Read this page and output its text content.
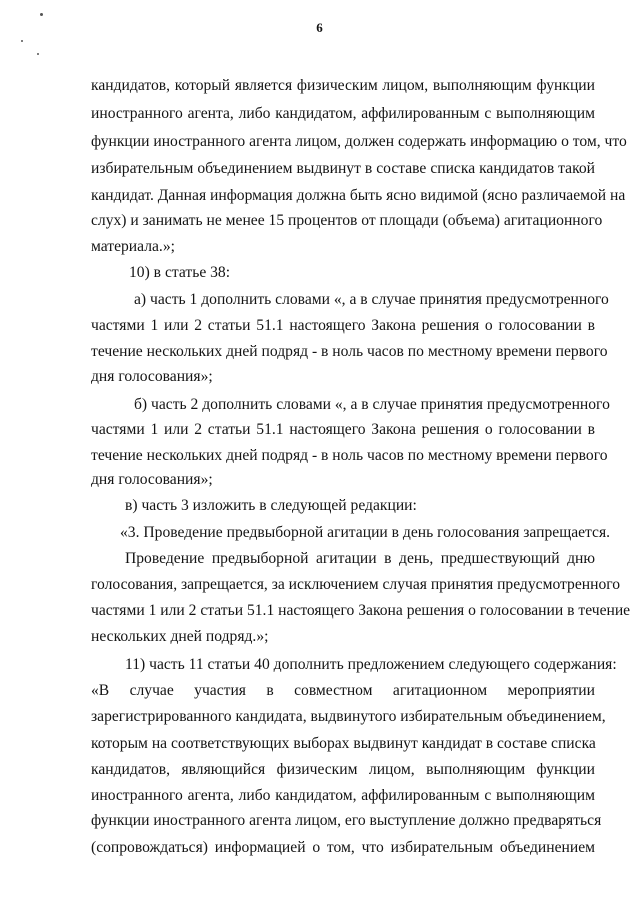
6
кандидатов, который является физическим лицом, выполняющим функции
иностранного агента, либо кандидатом, аффилированным с выполняющим
функции иностранного агента лицом, должен содержать информацию о том, что
избирательным объединением выдвинут в составе списка кандидатов такой
кандидат. Данная информация должна быть ясно видимой (ясно различаемой на
слух) и занимать не менее 15 процентов от площади (объема) агитационного
материала.»;
10) в статье 38:
а) часть 1 дополнить словами «, а в случае принятия предусмотренного
частями 1 или 2 статьи 51.1 настоящего Закона решения о голосовании в
течение нескольких дней подряд - в ноль часов по местному времени первого
дня голосования»;
б) часть 2 дополнить словами «, а в случае принятия предусмотренного
частями 1 или 2 статьи 51.1 настоящего Закона решения о голосовании в
течение нескольких дней подряд - в ноль часов по местному времени первого
дня голосования»;
в) часть 3 изложить в следующей редакции:
«3. Проведение предвыборной агитации в день голосования запрещается.
Проведение предвыборной агитации в день, предшествующий дню
голосования, запрещается, за исключением случая принятия предусмотренного
частями 1 или 2 статьи 51.1 настоящего Закона решения о голосовании в течение
нескольких дней подряд.»;
11) часть 11 статьи 40 дополнить предложением следующего содержания:
«В случае участия в совместном агитационном мероприятии
зарегистрированного кандидата, выдвинутого избирательным объединением,
которым на соответствующих выборах выдвинут кандидат в составе списка
кандидатов, являющийся физическим лицом, выполняющим функции
иностранного агента, либо кандидатом, аффилированным с выполняющим
функции иностранного агента лицом, его выступление должно предваряться
(сопровождаться) информацией о том, что избирательным объединением
